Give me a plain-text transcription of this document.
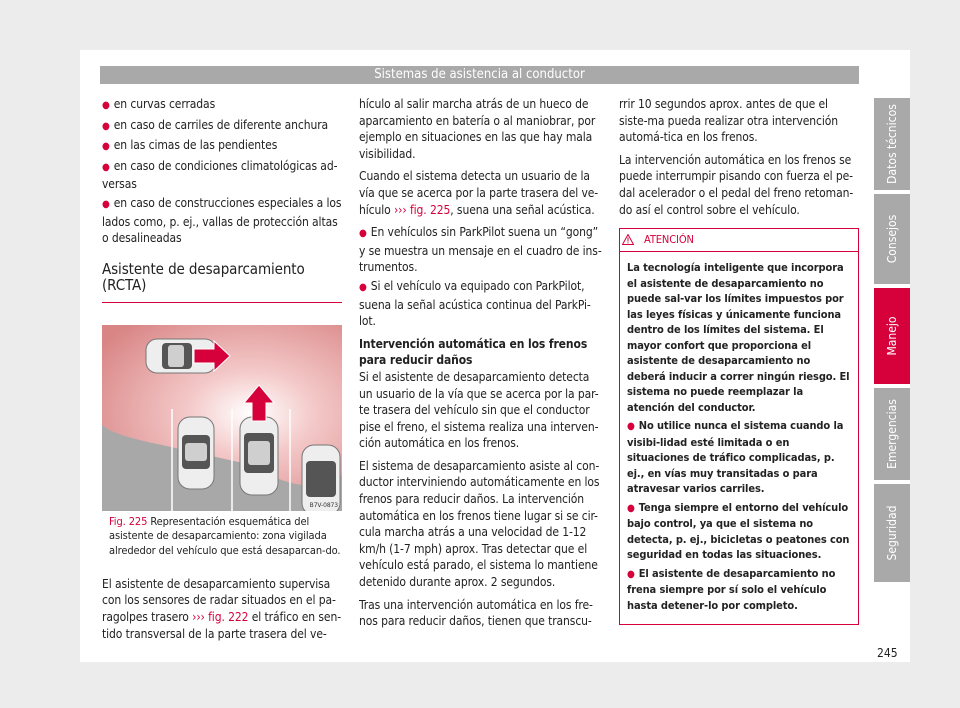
Sistemas de asistencia al conductor
● en curvas cerradas
● en caso de carriles de diferente anchura
● en las cimas de las pendientes
● en caso de condiciones climatológicas ad-versas
● en caso de construcciones especiales a los lados como, p. ej., vallas de protección altas o desalineadas
Asistente de desaparcamiento (RCTA)
B7V-0873
Fig. 225 Representación esquemática del asistente de desaparcamiento: zona vigilada alrededor del vehículo que está desaparcan-do.

El asistente de desaparcamiento supervisa con los sensores de radar situados en el pa-ragolpes trasero ››› fig. 222 el tráfico en sen-tido transversal de la parte trasera del ve-

hículo al salir marcha atrás de un hueco de aparcamiento en batería o al maniobrar, por ejemplo en situaciones en las que hay mala visibilidad.

Cuando el sistema detecta un usuario de la vía que se acerca por la parte trasera del ve-hículo ››› fig. 225, suena una señal acústica.

● En vehículos sin ParkPilot suena un “gong” y se muestra un mensaje en el cuadro de ins-trumentos.
● Si el vehículo va equipado con ParkPilot, suena la señal acústica continua del ParkPi-lot.

Intervención automática en los frenos para reducir daños

Si el asistente de desaparcamiento detecta un usuario de la vía que se acerca por la par-te trasera del vehículo sin que el conductor pise el freno, el sistema realiza una interven-ción automática en los frenos.

El sistema de desaparcamiento asiste al con-ductor interviniendo automáticamente en los frenos para reducir daños. La intervención automática en los frenos tiene lugar si se cir-cula marcha atrás a una velocidad de 1-12 km/h (1-7 mph) aprox. Tras detectar que el vehículo está parado, el sistema lo mantiene detenido durante aprox. 2 segundos.

Tras una intervención automática en los fre-nos para reducir daños, tienen que transcu-

rrir 10 segundos aprox. antes de que el siste-ma pueda realizar otra intervención automá-tica en los frenos.

La intervención automática en los frenos se puede interrumpir pisando con fuerza el pe-dal acelerador o el pedal del freno retoman-do así el control sobre el vehículo.

ATENCIÓN

La tecnología inteligente que incorpora el asistente de desaparcamiento no puede sal-var los límites impuestos por las leyes físicas y únicamente funciona dentro de los límites del sistema. El mayor confort que proporciona el asistente de desaparcamiento no deberá inducir a correr ningún riesgo. El sistema no puede reemplazar la atención del conductor.

● No utilice nunca el sistema cuando la visibi-lidad esté limitada o en situaciones de tráfico complicadas, p. ej., en vías muy transitadas o para atravesar varios carriles.

● Tenga siempre el entorno del vehículo bajo control, ya que el sistema no detecta, p. ej., bicicletas o peatones con seguridad en todas las situaciones.

● El asistente de desaparcamiento no frena siempre por sí solo el vehículo hasta detener-lo por completo.

Datos técnicos
Consejos
Manejo
Emergencias
Seguridad
245
